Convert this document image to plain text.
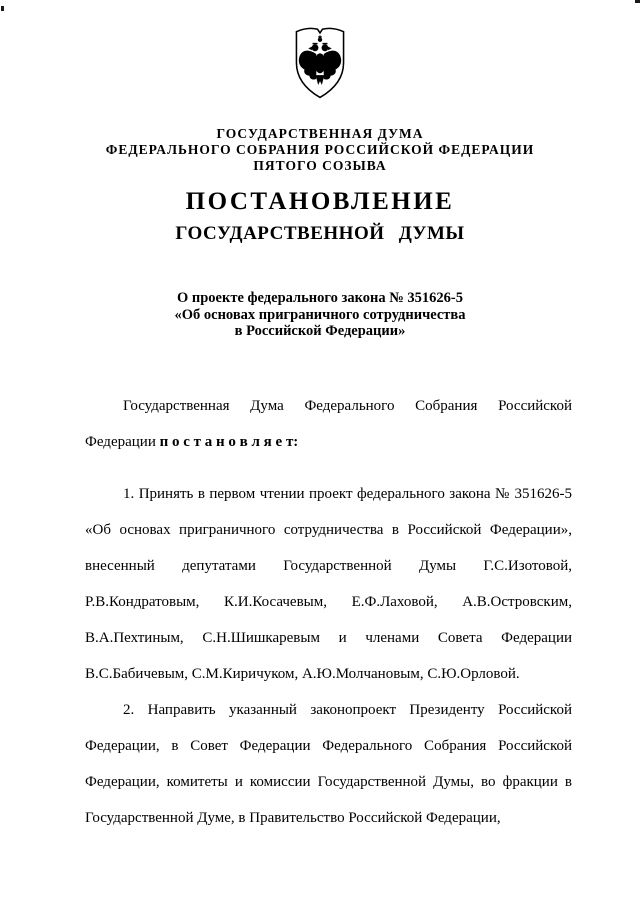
ГОСУДАРСТВЕННАЯ ДУМА
ФЕДЕРАЛЬНОГО СОБРАНИЯ РОССИЙСКОЙ ФЕДЕРАЦИИ
ПЯТОГО СОЗЫВА
ПОСТАНОВЛЕНИЕ
ГОСУДАРСТВЕННОЙ ДУМЫ
О проекте федерального закона № 351626-5
«Об основах приграничного сотрудничества
в Российской Федерации»

Государственная Дума Федерального Собрания Российской Федерации п о с т а н о в л я е т:

1. Принять в первом чтении проект федерального закона № 351626-5 «Об основах приграничного сотрудничества в Российской Федерации», внесенный депутатами Государственной Думы Г.С.Изотовой, Р.В.Кондратовым, К.И.Косачевым, Е.Ф.Лаховой, А.В.Островским, В.А.Пехтиным, С.Н.Шишкаревым и членами Совета Федерации В.С.Бабичевым, С.М.Киричуком, А.Ю.Молчановым, С.Ю.Орловой.

2. Направить указанный законопроект Президенту Российской Федерации, в Совет Федерации Федерального Собрания Российской Федерации, комитеты и комиссии Государственной Думы, во фракции в Государственной Думе, в Правительство Российской Федерации,
